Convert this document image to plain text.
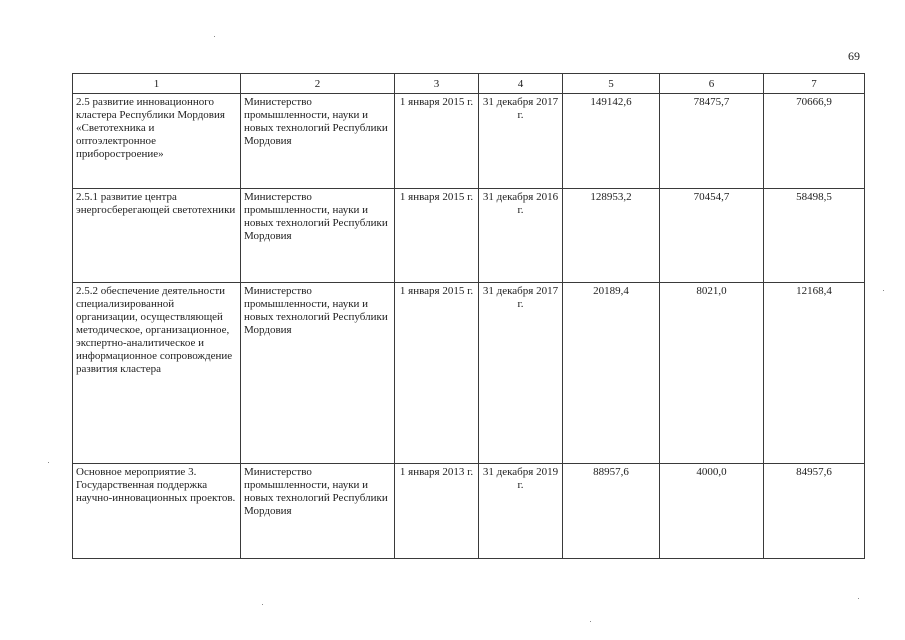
69
1	2	3	4	5	6	7
2.5 развитие инновационного кластера Республики Мордовия «Светотехника и оптоэлектронное приборостроение»	Министерство промышленности, науки и новых технологий Республики Мордовия	1 января 2015 г.	31 декабря 2017 г.	149142,6	78475,7	70666,9
2.5.1 развитие центра энергосберегающей светотехники	Министерство промышленности, науки и новых технологий Республики Мордовия	1 января 2015 г.	31 декабря 2016 г.	128953,2	70454,7	58498,5
2.5.2 обеспечение деятельности специализированной организации, осуществляющей методическое, организационное, экспертно-аналитическое и информационное сопровождение развития кластера	Министерство промышленности, науки и новых технологий Республики Мордовия	1 января 2015 г.	31 декабря 2017 г.	20189,4	8021,0	12168,4
Основное мероприятие 3. Государственная поддержка научно-инновационных проектов.	Министерство промышленности, науки и новых технологий Республики Мордовия	1 января 2013 г.	31 декабря 2019 г.	88957,6	4000,0	84957,6
